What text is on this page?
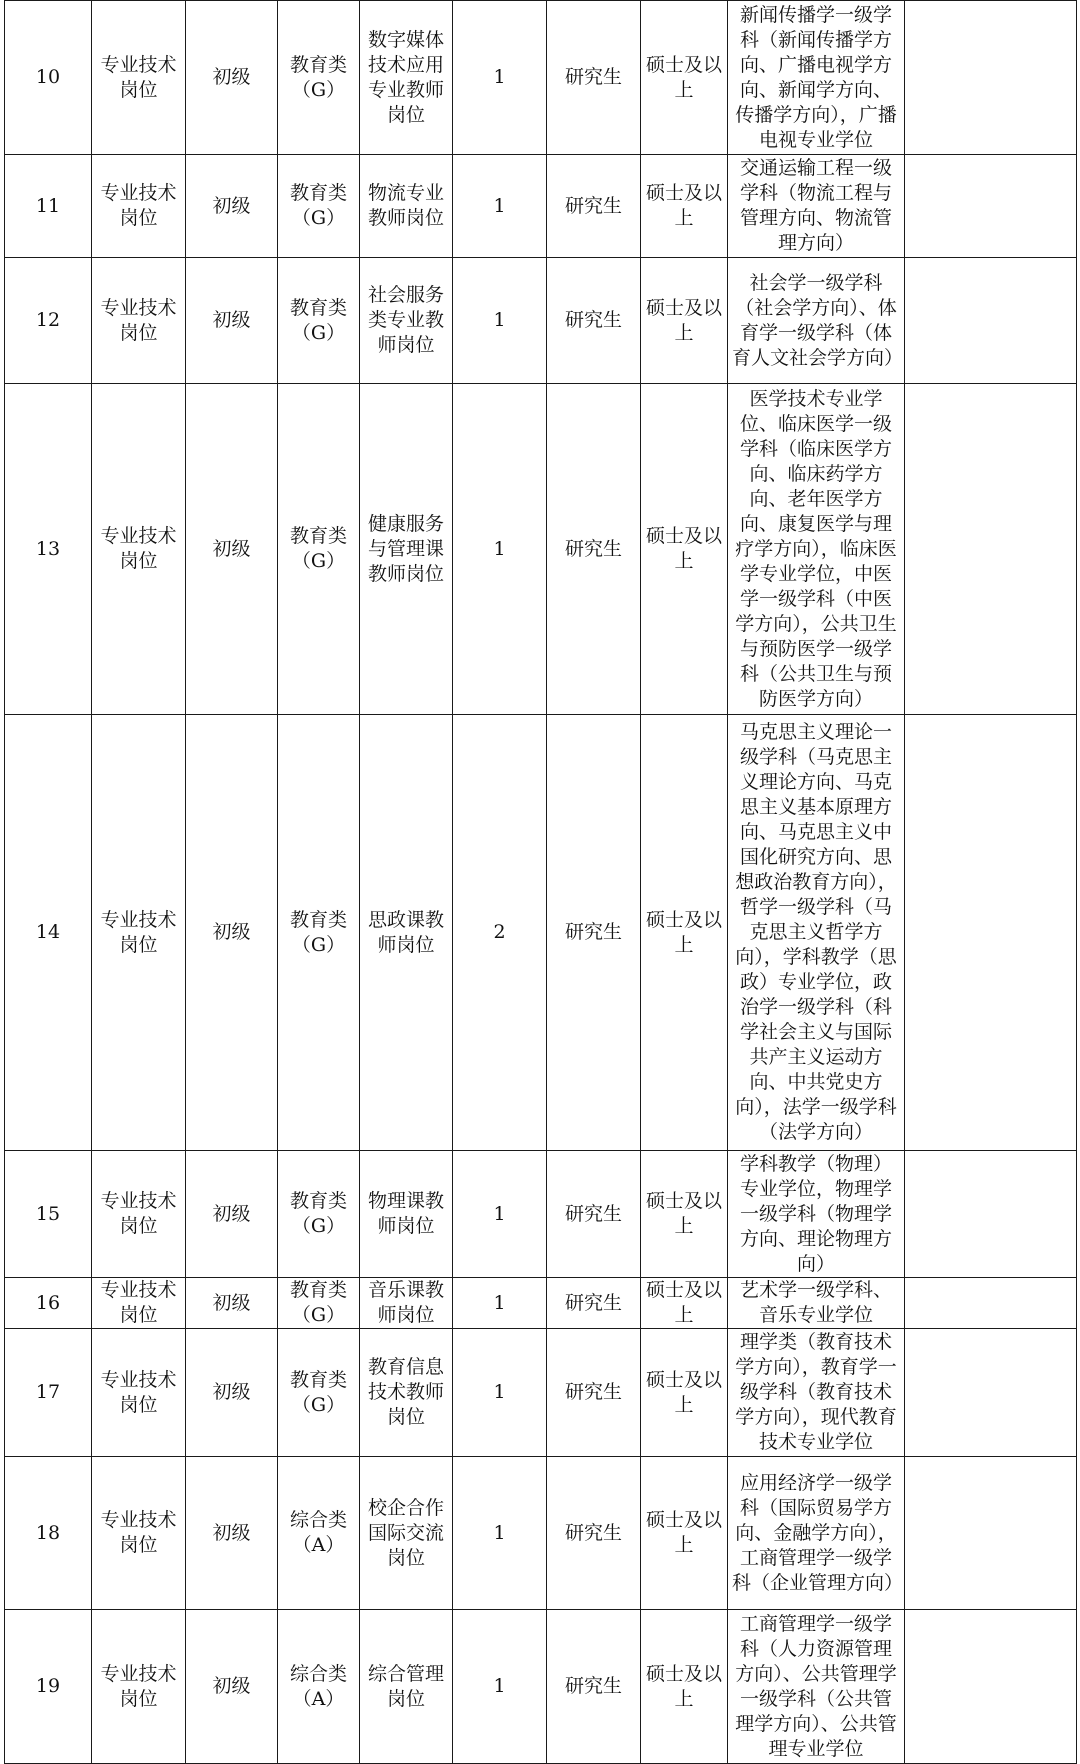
10	专业技术岗位	初级	教育类（G）	数字媒体技术应用专业教师岗位	1	研究生	硕士及以上	新闻传播学一级学科（新闻传播学方向、广播电视学方向、新闻学方向、传播学方向），广播电视专业学位	
11	专业技术岗位	初级	教育类（G）	物流专业教师岗位	1	研究生	硕士及以上	交通运输工程一级学科（物流工程与管理方向、物流管理方向）	
12	专业技术岗位	初级	教育类（G）	社会服务类专业教师岗位	1	研究生	硕士及以上	社会学一级学科（社会学方向）、体育学一级学科（体育人文社会学方向）	
13	专业技术岗位	初级	教育类（G）	健康服务与管理课教师岗位	1	研究生	硕士及以上	医学技术专业学位、临床医学一级学科（临床医学方向、临床药学方向、老年医学方向、康复医学与理疗学方向），临床医学专业学位，中医学一级学科（中医学方向），公共卫生与预防医学一级学科（公共卫生与预防医学方向）	
14	专业技术岗位	初级	教育类（G）	思政课教师岗位	2	研究生	硕士及以上	马克思主义理论一级学科（马克思主义理论方向、马克思主义基本原理方向、马克思主义中国化研究方向、思想政治教育方向），哲学一级学科（马克思主义哲学方向），学科教学（思政）专业学位，政治学一级学科（科学社会主义与国际共产主义运动方向、中共党史方向），法学一级学科（法学方向）	
15	专业技术岗位	初级	教育类（G）	物理课教师岗位	1	研究生	硕士及以上	学科教学（物理）专业学位，物理学一级学科（物理学方向、理论物理方向）	
16	专业技术岗位	初级	教育类（G）	音乐课教师岗位	1	研究生	硕士及以上	艺术学一级学科、音乐专业学位	
17	专业技术岗位	初级	教育类（G）	教育信息技术教师岗位	1	研究生	硕士及以上	理学类（教育技术学方向），教育学一级学科（教育技术学方向），现代教育技术专业学位	
18	专业技术岗位	初级	综合类（A）	校企合作国际交流岗位	1	研究生	硕士及以上	应用经济学一级学科（国际贸易学方向、金融学方向），工商管理学一级学科（企业管理方向）	
19	专业技术岗位	初级	综合类（A）	综合管理岗位	1	研究生	硕士及以上	工商管理学一级学科（人力资源管理方向）、公共管理学一级学科（公共管理学方向）、公共管理专业学位	
